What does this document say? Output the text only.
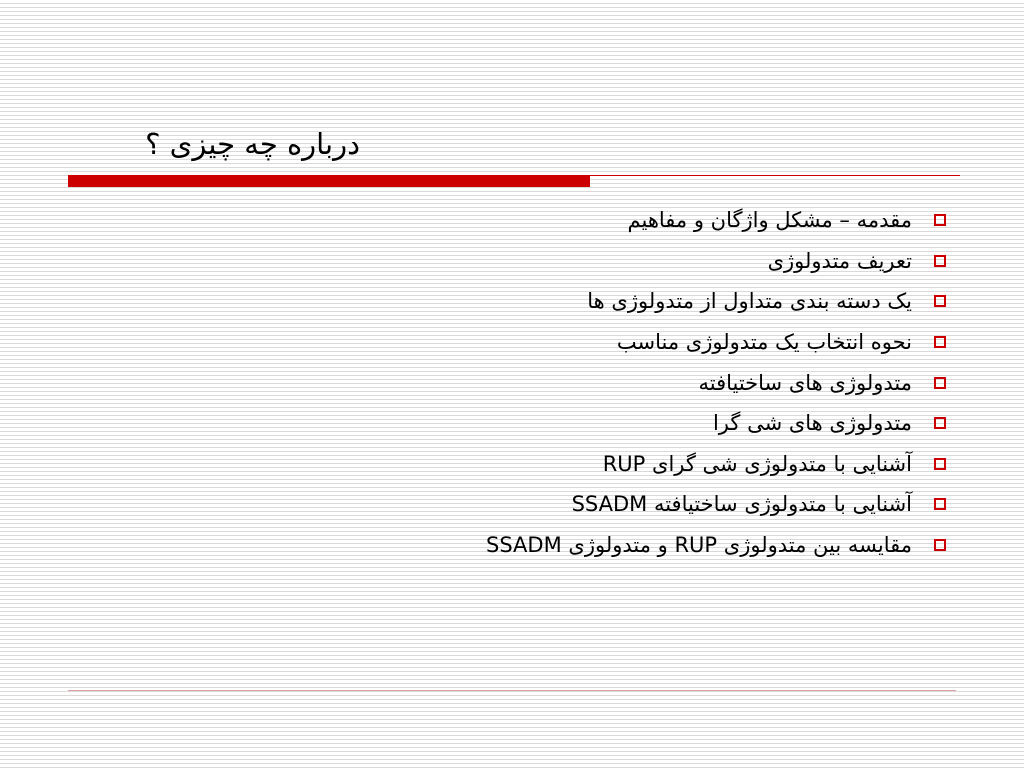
درباره چه چیزی ؟
مقدمه – مشکل واژگان و مفاهیم
تعریف متدولوژی
یک دسته بندی متداول از متدولوژی ها
نحوه انتخاب یک متدولوژی مناسب
متدولوژی های ساختیافته
متدولوژی های شی گرا
آشنایی با متدولوژی شی گرای RUP
آشنایی با متدولوژی ساختیافته SSADM
مقایسه بین متدولوژی RUP و متدولوژی SSADM
